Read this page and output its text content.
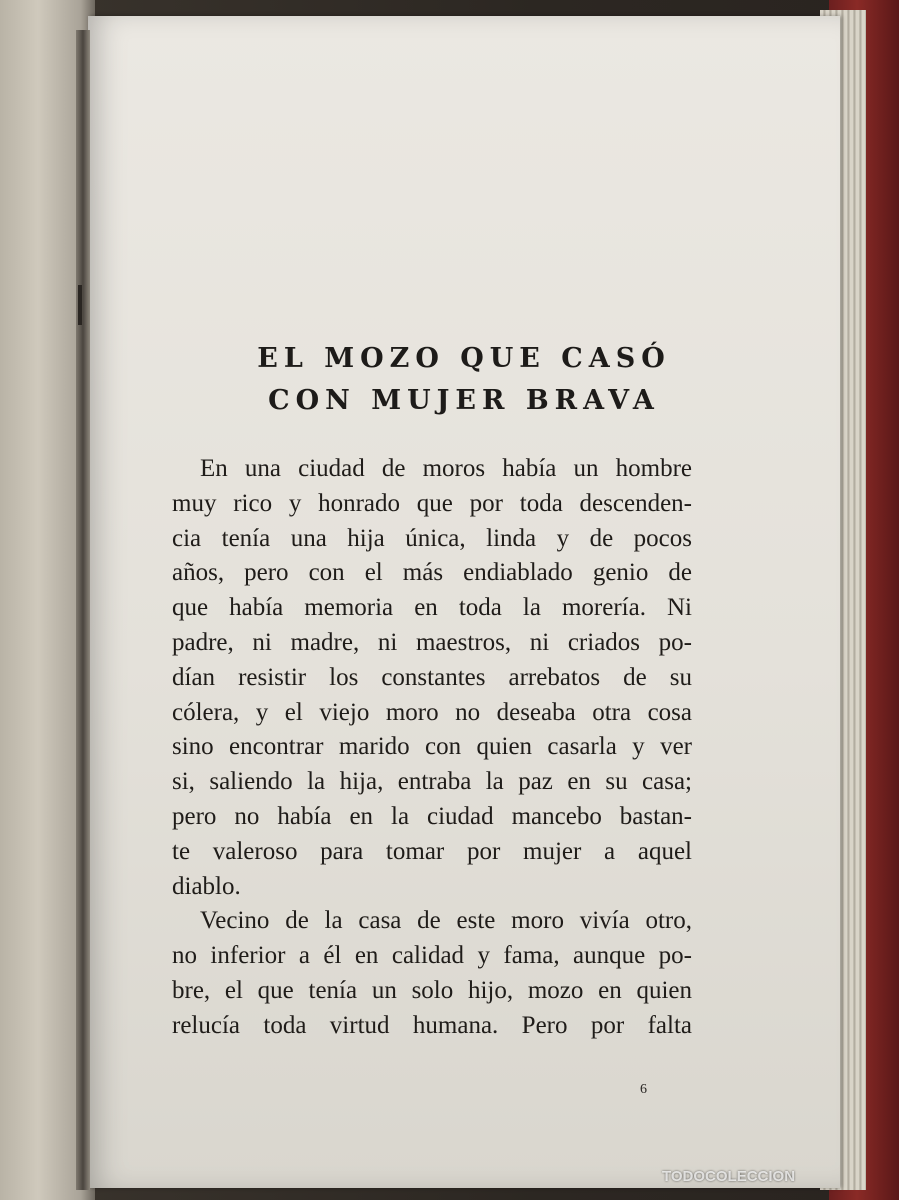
EL MOZO QUE CASÓ
CON MUJER BRAVA
En una ciudad de moros había un hombre
muy rico y honrado que por toda descenden-
cia tenía una hija única, linda y de pocos
años, pero con el más endiablado genio de
que había memoria en toda la morería. Ni
padre, ni madre, ni maestros, ni criados po-
dían resistir los constantes arrebatos de su
cólera, y el viejo moro no deseaba otra cosa
sino encontrar marido con quien casarla y ver
si, saliendo la hija, entraba la paz en su casa;
pero no había en la ciudad mancebo bastan-
te valeroso para tomar por mujer a aquel
diablo.
Vecino de la casa de este moro vivía otro,
no inferior a él en calidad y fama, aunque po-
bre, el que tenía un solo hijo, mozo en quien
relucía toda virtud humana. Pero por falta
6
TODOCOLECCION
